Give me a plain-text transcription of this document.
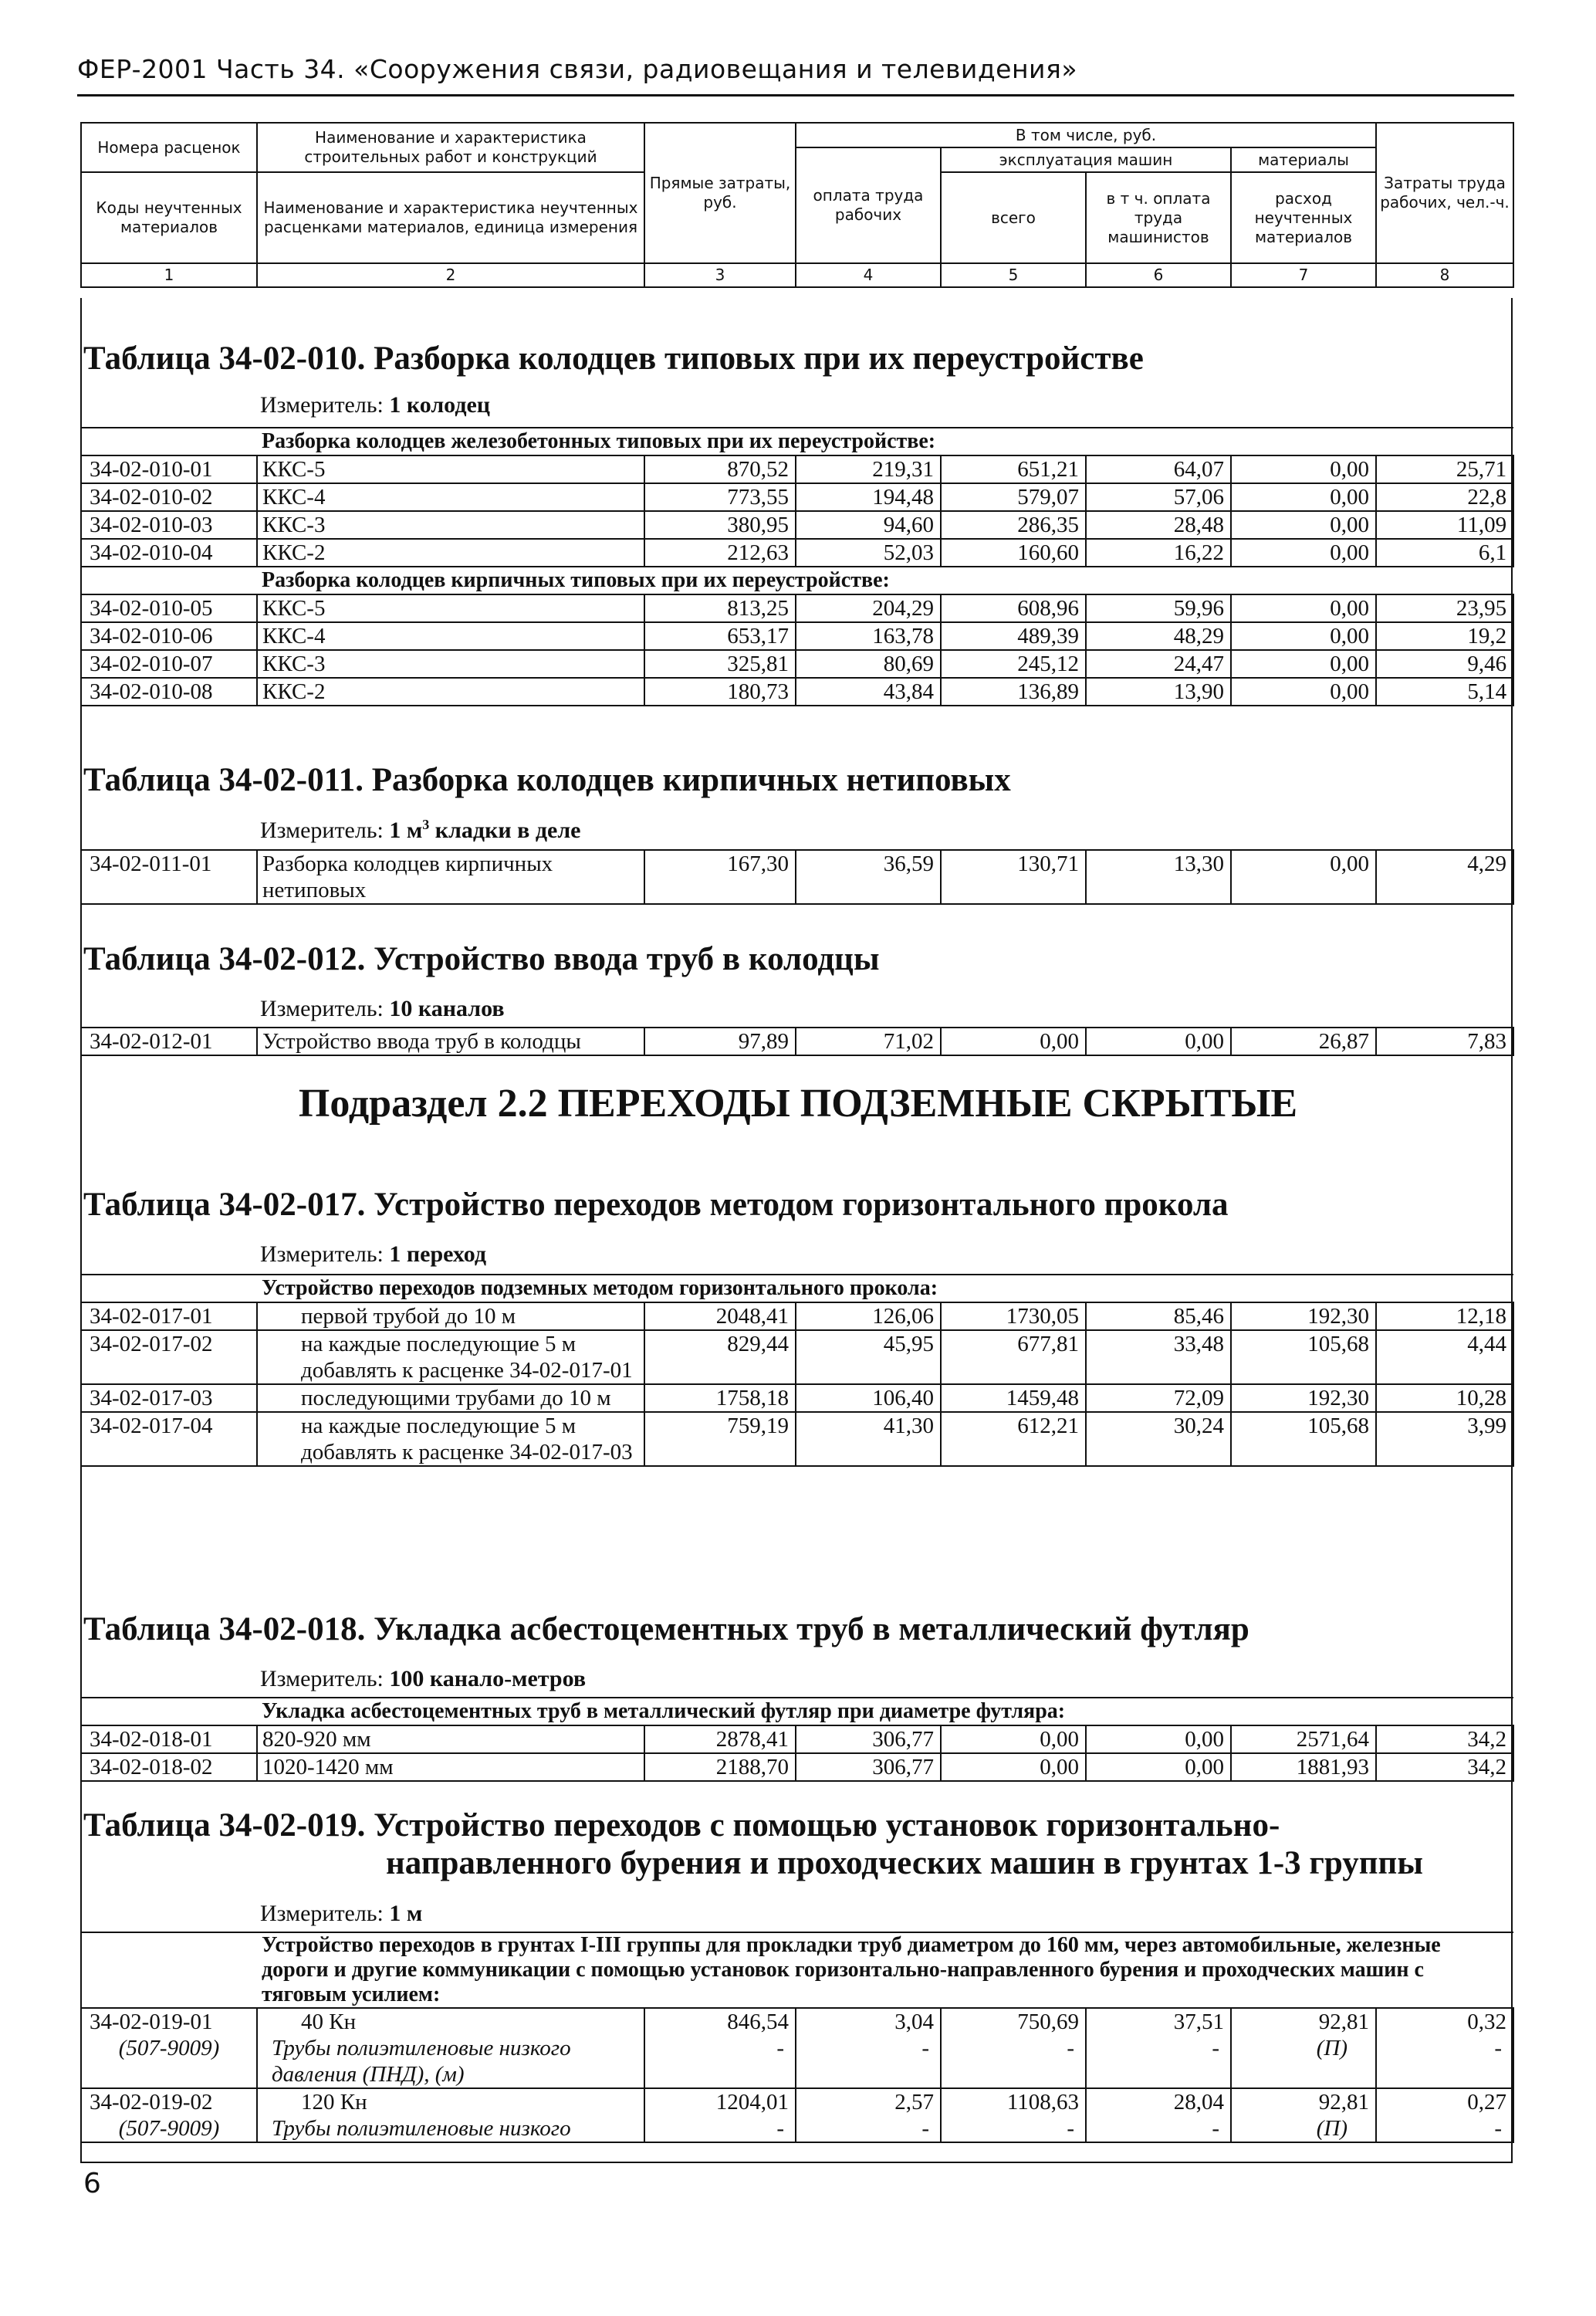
ФЕР-2001 Часть 34. «Сооружения связи, радиовещания и телевидения»
Номера расценок	Наименование и характеристика строительных работ и конструкций	Прямые затраты, руб.	В том числе, руб.				Затраты труда рабочих, чел.-ч.
			оплата труда рабочих	эксплуатация машин		материалы	
Коды неучтенных материалов	Наименование и характеристика неучтенных расценками материалов, единица измерения			всего	в т ч. оплата труда машинистов	расход неучтенных материалов	

1	2	3	4	5	6	7	8
Таблица 34-02-010. Разборка колодцев типовых при их переустройстве
Измеритель: 1 колодец
	Разборка колодцев железобетонных типовых при их переустройстве:						
34-02-010-01	ККС-5	870,52	219,31	651,21	64,07	0,00	25,71
34-02-010-02	ККС-4	773,55	194,48	579,07	57,06	0,00	22,8
34-02-010-03	ККС-3	380,95	94,60	286,35	28,48	0,00	11,09
34-02-010-04	ККС-2	212,63	52,03	160,60	16,22	0,00	6,1
	Разборка колодцев кирпичных типовых при их переустройстве:						
34-02-010-05	ККС-5	813,25	204,29	608,96	59,96	0,00	23,95
34-02-010-06	ККС-4	653,17	163,78	489,39	48,29	0,00	19,2
34-02-010-07	ККС-3	325,81	80,69	245,12	24,47	0,00	9,46
34-02-010-08	ККС-2	180,73	43,84	136,89	13,90	0,00	5,14
Таблица 34-02-011. Разборка колодцев кирпичных нетиповых
Измеритель: 1 $м^3$ кладки в деле
34-02-011-01	Разборка колодцев кирпичных нетиповых	167,30	36,59	130,71	13,30	0,00	4,29
Таблица 34-02-012. Устройство ввода труб в колодцы
Измеритель: 10 каналов
34-02-012-01	Устройство ввода труб в колодцы	97,89	71,02	0,00	0,00	26,87	7,83
Подраздел 2.2 ПЕРЕХОДЫ ПОДЗЕМНЫЕ СКРЫТЫЕ
Таблица 34-02-017. Устройство переходов методом горизонтального прокола
Измеритель: 1 переход
	Устройство переходов подземных методом горизонтального прокола:						
34-02-017-01	первой трубой до 10 м	2048,41	126,06	1730,05	85,46	192,30	12,18
34-02-017-02	на каждые последующие 5 м добавлять к расценке 34-02-017-01	829,44	45,95	677,81	33,48	105,68	4,44
34-02-017-03	последующими трубами до 10 м	1758,18	106,40	1459,48	72,09	192,30	10,28
34-02-017-04	на каждые последующие 5 м добавлять к расценке 34-02-017-03	759,19	41,30	612,21	30,24	105,68	3,99
Таблица 34-02-018. Укладка асбестоцементных труб в металлический футляр
Измеритель: 100 канало-метров
	Укладка асбестоцементных труб в металлический футляр при диаметре футляра:						
34-02-018-01	820-920 мм	2878,41	306,77	0,00	0,00	2571,64	34,2
34-02-018-02	1020-1420 мм	2188,70	306,77	0,00	0,00	1881,93	34,2
Таблица 34-02-019. Устройство переходов с помощью установок горизонтально-
направленного бурения и проходческих машин в грунтах 1-3 группы
Измеритель: 1 м
	Устройство переходов в грунтах I-III группы для прокладки труб диаметром до 160 мм, через автомобильные, железные дороги и другие коммуникации с помощью установок горизонтально-направленного бурения и проходческих машин с тяговым усилием:						
34-02-019-01	40 Кн	846,54	3,04	750,69	37,51	92,81	0,32
(507-9009)	Трубы полиэтиленовые низкого давления (ПНД), (м)	-	-	-	-	(П)	-
34-02-019-02	120 Кн	1204,01	2,57	1108,63	28,04	92,81	0,27
(507-9009)	Трубы полиэтиленовые низкого	-	-	-	-	(П)	-
6
